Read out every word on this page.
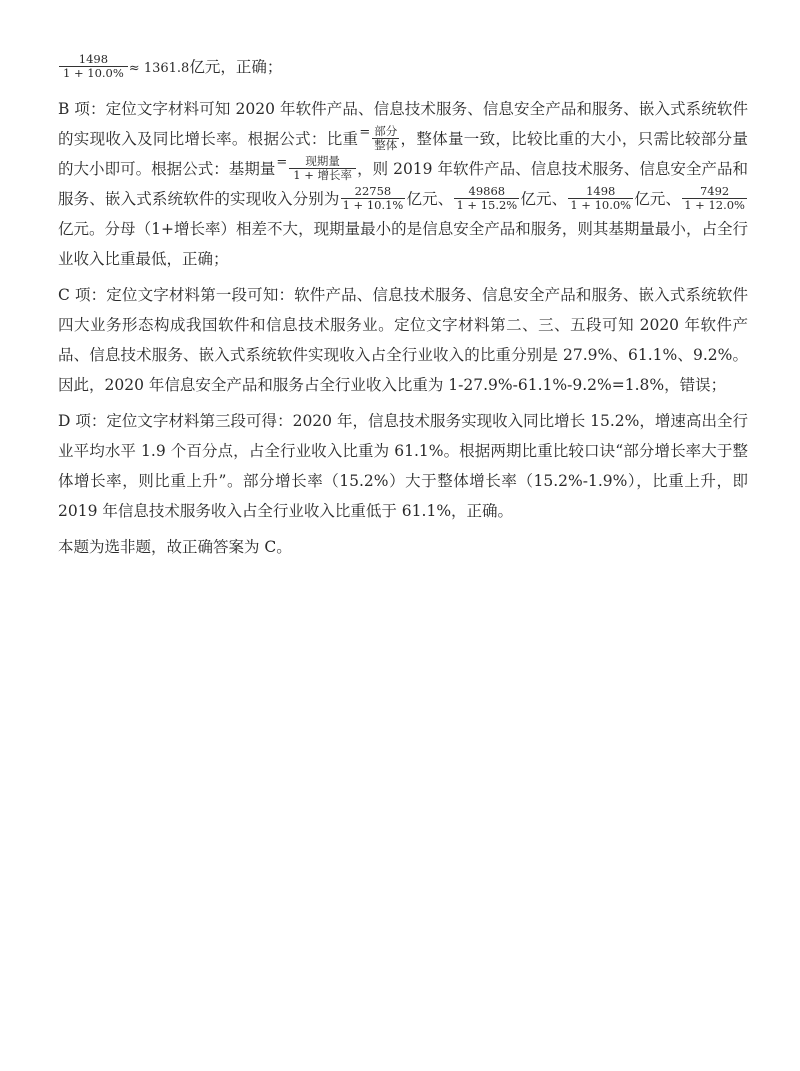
$\frac{1498}{1 + 10.0\%} \approx 1361.8$亿元，正确；

B 项：定位文字材料可知 2020 年软件产品、信息技术服务、信息安全产品和服务、嵌入式系统软件的实现收入及同比增长率。根据公式：比重= $\frac{\text{部分}}{\text{整体}}$ ，整体量一致，比较比重的大小，只需比较部分量的大小即可。根据公式：基期量= $\frac{\text{现期量}}{\text{1 + 增长率}}$ ，则 2019 年软件产品、信息技术服务、信息安全产品和服务、嵌入式系统软件的实现收入分别为 $\frac{22758}{1 + 10.1\%}$ 亿元、 $\frac{49868}{1 + 15.2\%}$ 亿元、 $\frac{1498}{1 + 10.0\%}$ 亿元、 $\frac{7492}{1 + 12.0\%}$
亿元。分母（1+增长率）相差不大，现期量最小的是信息安全产品和服务，则其基期量最小，占全行业收入比重最低，正确；

C 项：定位文字材料第一段可知：软件产品、信息技术服务、信息安全产品和服务、嵌入式系统软件四大业务形态构成我国软件和信息技术服务业。定位文字材料第二、三、五段可知 2020 年软件产品、信息技术服务、嵌入式系统软件实现收入占全行业收入的比重分别是 27.9%、61.1%、9.2%。因此，2020 年信息安全产品和服务占全行业收入比重为 1-27.9%-61.1%-9.2%=1.8%，错误；

D 项：定位文字材料第三段可得：2020 年，信息技术服务实现收入同比增长 15.2%，增速高出全行业平均水平 1.9 个百分点，占全行业收入比重为 61.1%。根据两期比重比较口诀“部分增长率大于整体增长率，则比重上升”。部分增长率（15.2%）大于整体增长率（15.2%-1.9%），比重上升，即 2019 年信息技术服务收入占全行业收入比重低于 61.1%，正确。

本题为选非题，故正确答案为 C。
